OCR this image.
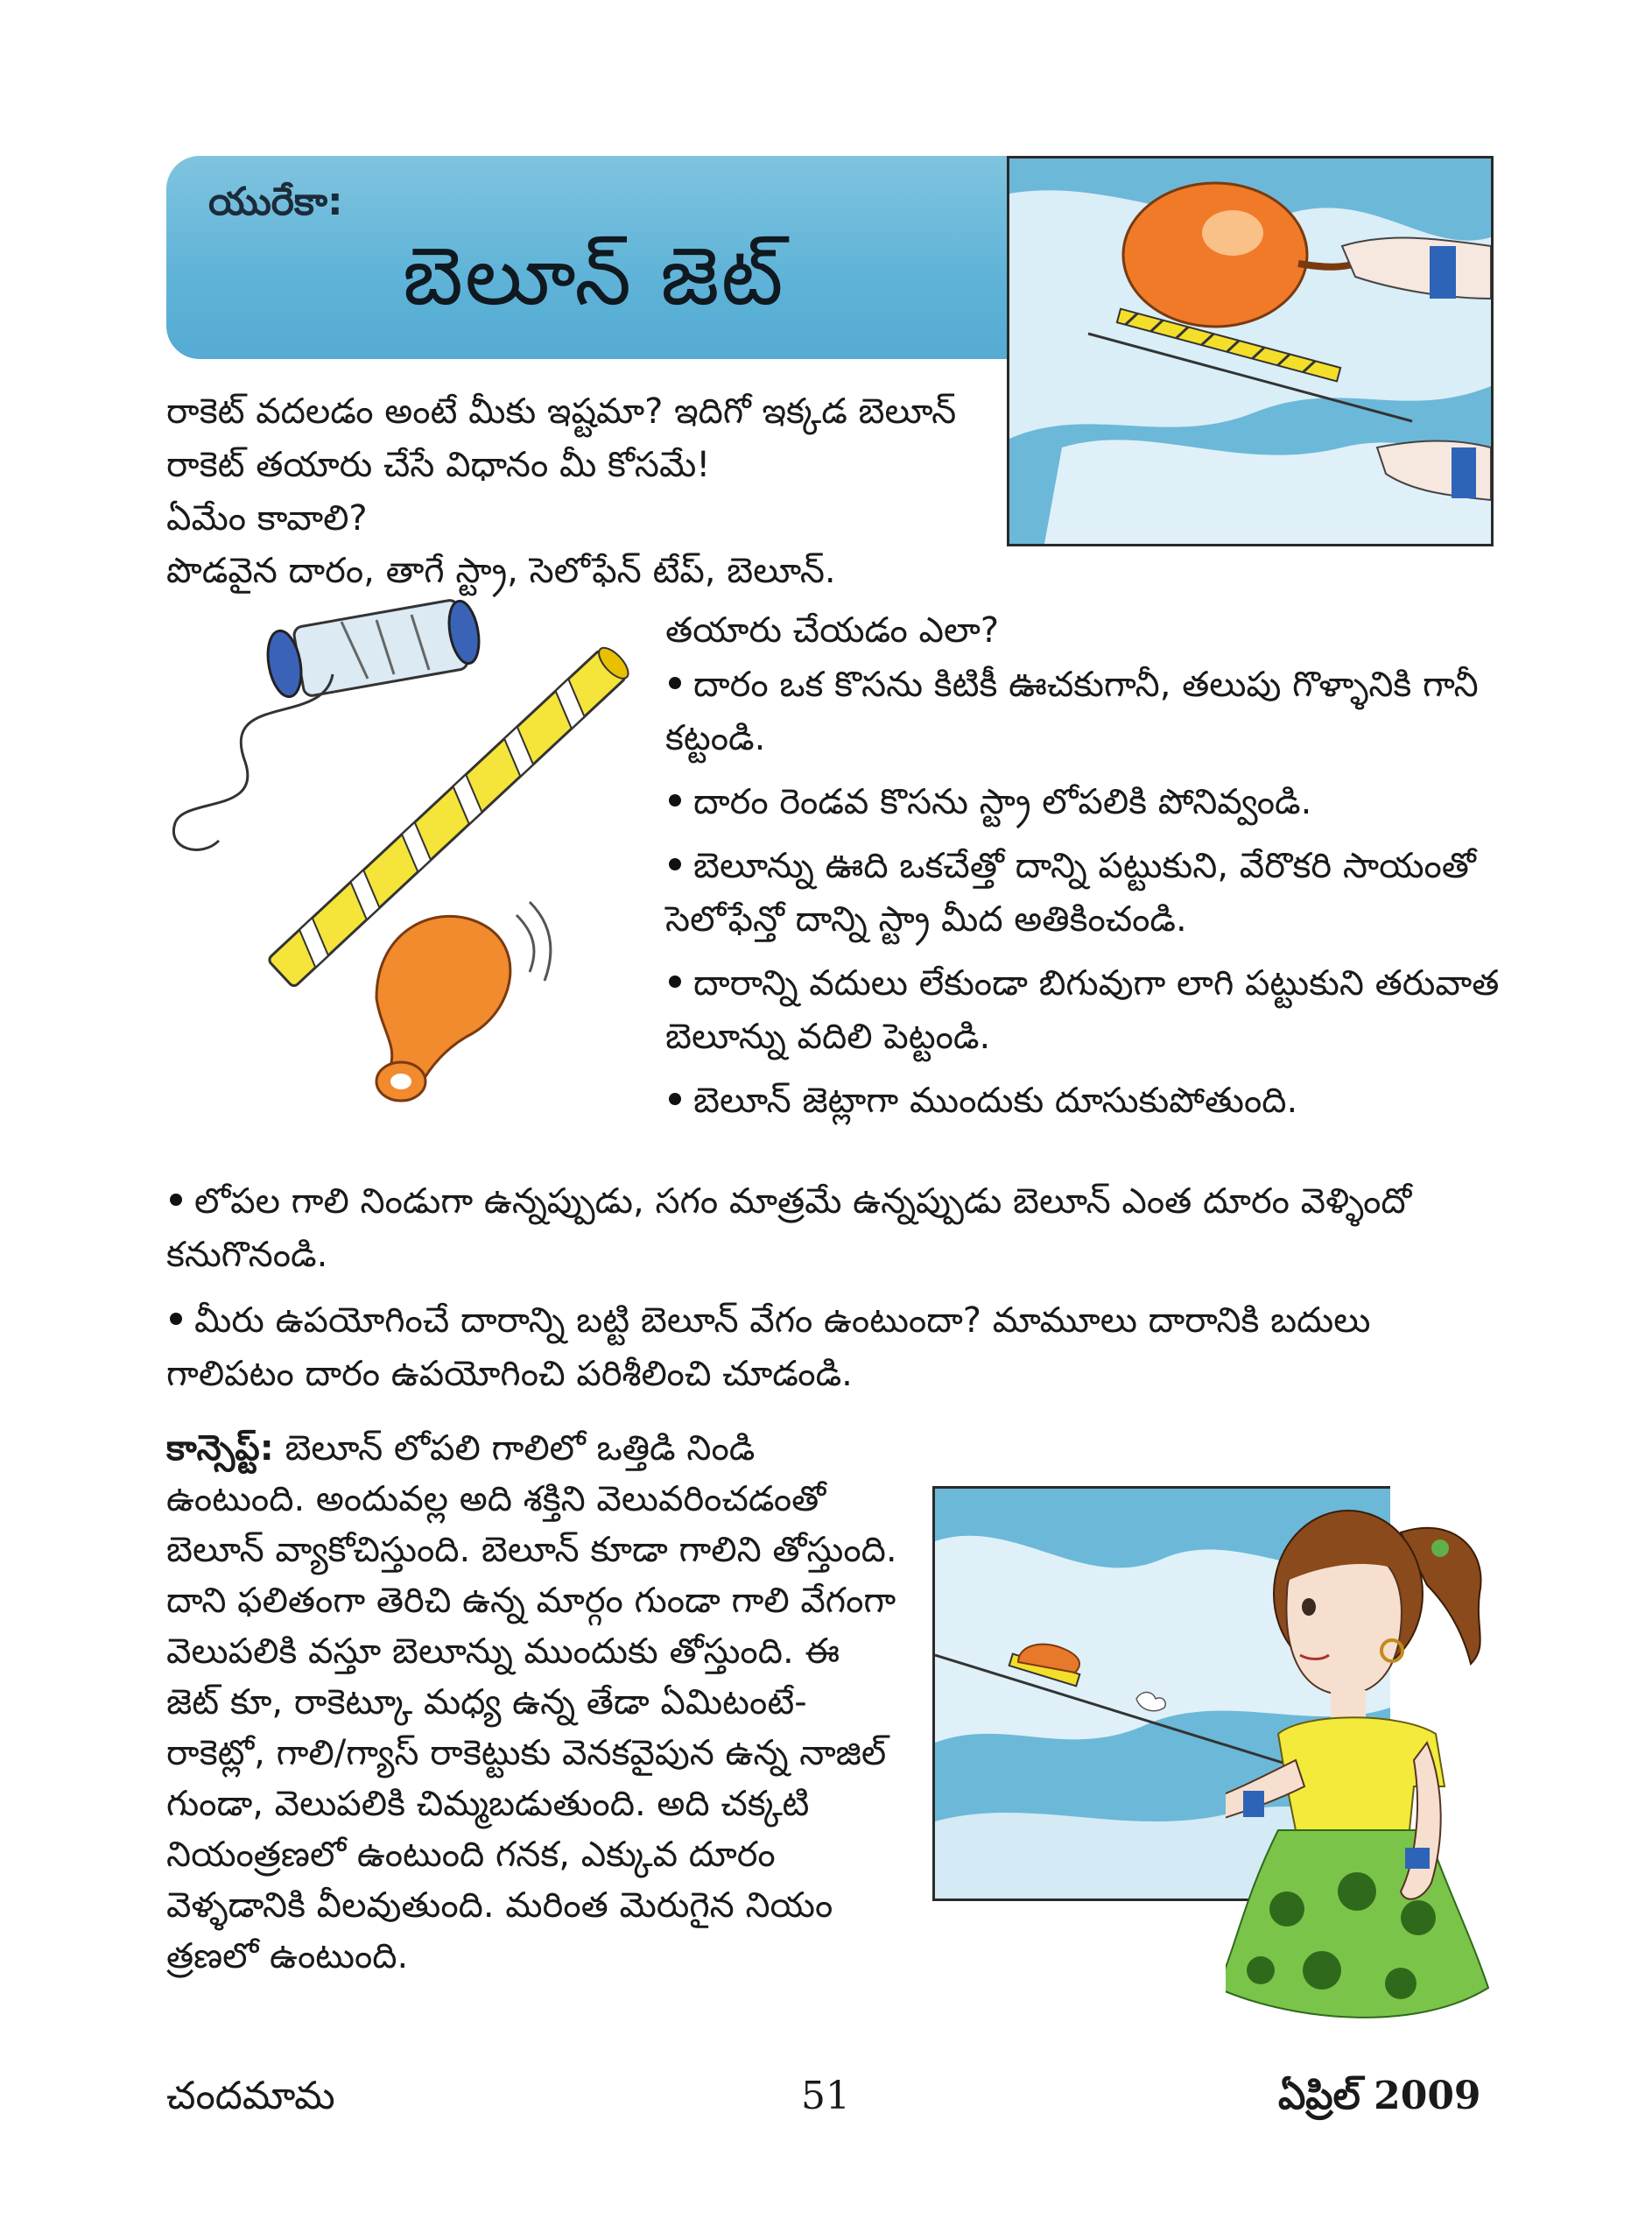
యురేకా:
బెలూన్ జెట్
రాకెట్ వదలడం అంటే మీకు ఇష్టమా? ఇదిగో ఇక్కడ బెలూన్ రాకెట్ తయారు చేసే విధానం మీ కోసమే!
ఏమేం కావాలి?
పొడవైన దారం, తాగే స్ట్రా, సెలోఫేన్ టేప్, బెలూన్.
తయారు చేయడం ఎలా?
దారం ఒక కొసను కిటికీ ఊచకుగానీ, తలుపు గొళ్ళానికి గానీ కట్టండి.
దారం రెండవ కొసను స్ట్రా లోపలికి పోనివ్వండి.
బెలూన్ను ఊది ఒకచేత్తో దాన్ని పట్టుకుని, వేరొకరి సాయంతో సెలోఫేన్తో దాన్ని స్ట్రా మీద అతికించండి.
దారాన్ని వదులు లేకుండా బిగువుగా లాగి పట్టుకుని తరువాత బెలూన్ను వదిలి పెట్టండి.
బెలూన్ జెట్లాగా ముందుకు దూసుకుపోతుంది.
లోపల గాలి నిండుగా ఉన్నప్పుడు, సగం మాత్రమే ఉన్నప్పుడు బెలూన్ ఎంత దూరం వెళ్ళిందో కనుగొనండి.
మీరు ఉపయోగించే దారాన్ని బట్టి బెలూన్ వేగం ఉంటుందా? మామూలు దారానికి బదులు గాలిపటం దారం ఉపయోగించి పరిశీలించి చూడండి.
కాన్సెప్ట్: బెలూన్ లోపలి గాలిలో ఒత్తిడి నిండి ఉంటుంది. అందువల్ల అది శక్తిని వెలువరించడంతో బెలూన్ వ్యాకోచిస్తుంది. బెలూన్ కూడా గాలిని తోస్తుంది. దాని ఫలితంగా తెరిచి ఉన్న మార్గం గుండా గాలి వేగంగా వెలుపలికి వస్తూ బెలూన్ను ముందుకు తోస్తుంది. ఈ జెట్ కూ, రాకెట్కూ మధ్య ఉన్న తేడా ఏమిటంటే- రాకెట్లో, గాలి/గ్యాస్ రాకెట్టుకు వెనకవైపున ఉన్న నాజిల్ గుండా, వెలుపలికి చిమ్మబడుతుంది. అది చక్కటి నియంత్రణలో ఉంటుంది గనక, ఎక్కువ దూరం వెళ్ళడానికి వీలవుతుంది. మరింత మెరుగైన నియం త్రణలో ఉంటుంది.
చందమామ	51	ఏప్రిల్ 2009
